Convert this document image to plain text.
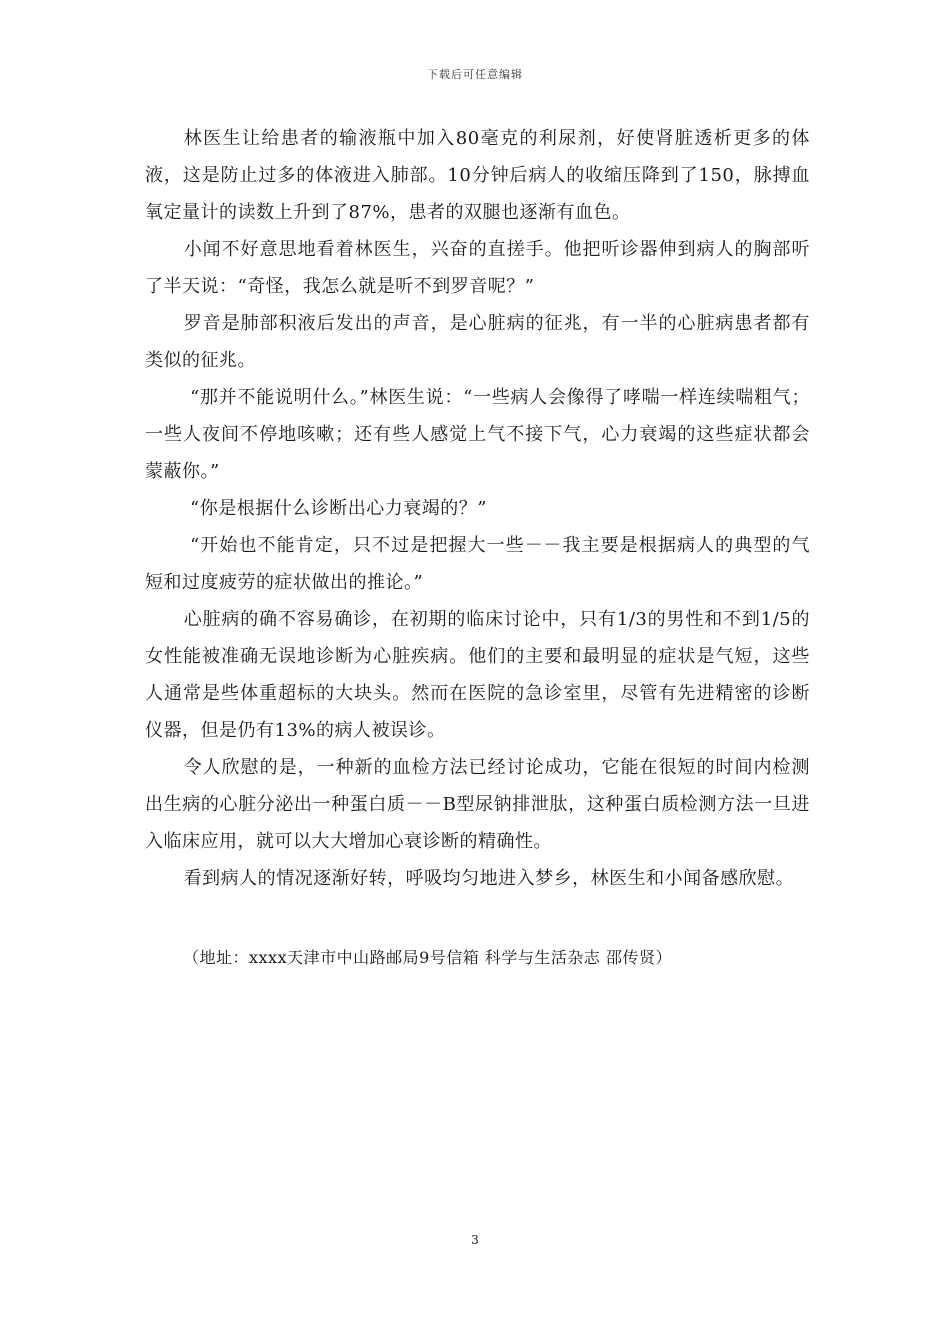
下载后可任意编辑

林医生让给患者的输液瓶中加入80毫克的利尿剂，好使肾脏透析更多的体液，这是防止过多的体液进入肺部。10分钟后病人的收缩压降到了150，脉搏血氧定量计的读数上升到了87%，患者的双腿也逐渐有血色。

小闻不好意思地看着林医生，兴奋的直搓手。他把听诊器伸到病人的胸部听了半天说：“奇怪，我怎么就是听不到罗音呢？”

罗音是肺部积液后发出的声音，是心脏病的征兆，有一半的心脏病患者都有类似的征兆。

“那并不能说明什么。”林医生说：“一些病人会像得了哮喘一样连续喘粗气；一些人夜间不停地咳嗽；还有些人感觉上气不接下气，心力衰竭的这些症状都会蒙蔽你。”

“你是根据什么诊断出心力衰竭的？”

“开始也不能肯定，只不过是把握大一些－－我主要是根据病人的典型的气短和过度疲劳的症状做出的推论。”

心脏病的确不容易确诊，在初期的临床讨论中，只有1/3的男性和不到1/5的女性能被准确无误地诊断为心脏疾病。他们的主要和最明显的症状是气短，这些人通常是些体重超标的大块头。然而在医院的急诊室里，尽管有先进精密的诊断仪器，但是仍有13%的病人被误诊。

令人欣慰的是，一种新的血检方法已经讨论成功，它能在很短的时间内检测出生病的心脏分泌出一种蛋白质－－B型尿钠排泄肽，这种蛋白质检测方法一旦进入临床应用，就可以大大增加心衰诊断的精确性。

看到病人的情况逐渐好转，呼吸均匀地进入梦乡，林医生和小闻备感欣慰。

（地址：xxxx天津市中山路邮局9号信箱 科学与生活杂志 邵传贤）
3
